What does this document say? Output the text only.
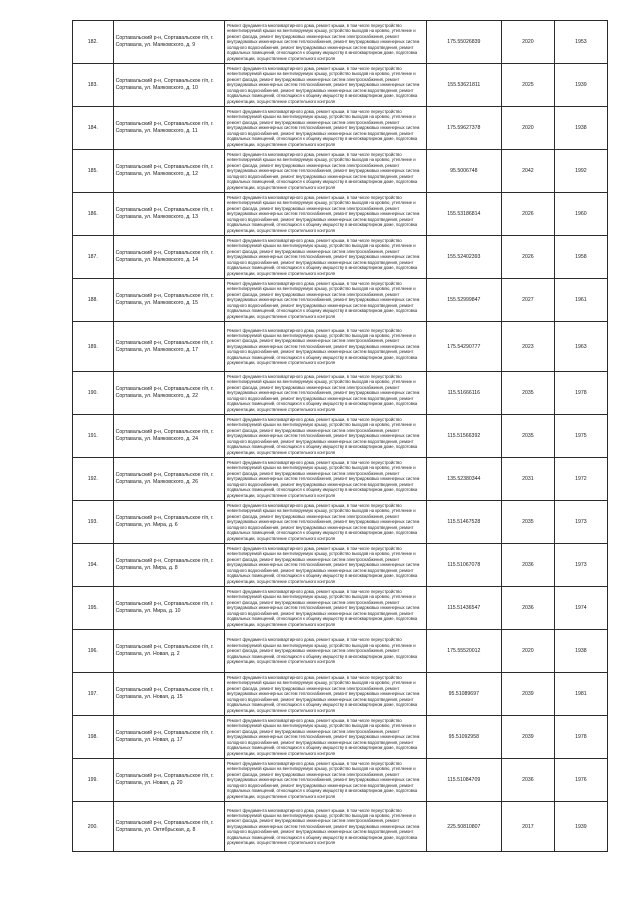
182.	Сортавальский р-н, Сортавальское г/п, г. Сортавала, ул. Маяковского, д. 9	Ремонт фундамента многоквартирного дома, ремонт крыши, в том числе переустройство невентилируемой крыши на вентилируемую крышу, устройство выходов на кровлю, утепление и ремонт фасада, ремонт внутридомовых инженерных систем электроснабжения, ремонт внутридомовых инженерных систем теплоснабжения, ремонт внутридомовых инженерных систем холодного водоснабжения, ремонт внутридомовых инженерных систем водоотведения, ремонт подвальных помещений, относящихся к общему имуществу в многоквартирном доме, подготовка документации, осуществление строительного контроля	175.55026839	2020	1953
183.	Сортавальский р-н, Сортавальское г/п, г. Сортавала, ул. Маяковского, д. 10	Ремонт фундамента многоквартирного дома, ремонт крыши, в том числе переустройство невентилируемой крыши на вентилируемую крышу, устройство выходов на кровлю, утепление и ремонт фасада, ремонт внутридомовых инженерных систем электроснабжения, ремонт внутридомовых инженерных систем теплоснабжения, ремонт внутридомовых инженерных систем холодного водоснабжения, ремонт внутридомовых инженерных систем водоотведения, ремонт подвальных помещений, относящихся к общему имуществу в многоквартирном доме, подготовка документации, осуществление строительного контроля	155.53621811	2025	1939
184.	Сортавальский р-н, Сортавальское г/п, г. Сортавала, ул. Маяковского, д. 11	Ремонт фундамента многоквартирного дома, ремонт крыши, в том числе переустройство невентилируемой крыши на вентилируемую крышу, устройство выходов на кровлю, утепление и ремонт фасада, ремонт внутридомовых инженерных систем электроснабжения, ремонт внутридомовых инженерных систем теплоснабжения, ремонт внутридомовых инженерных систем холодного водоснабжения, ремонт внутридомовых инженерных систем водоотведения, ремонт подвальных помещений, относящихся к общему имуществу в многоквартирном доме, подготовка документации, осуществление строительного контроля	175.59627378	2020	1938
185.	Сортавальский р-н, Сортавальское г/п, г. Сортавала, ул. Маяковского, д. 12	Ремонт фундамента многоквартирного дома, ремонт крыши, в том числе переустройство невентилируемой крыши на вентилируемую крышу, устройство выходов на кровлю, утепление и ремонт фасада, ремонт внутридомовых инженерных систем электроснабжения, ремонт внутридомовых инженерных систем теплоснабжения, ремонт внутридомовых инженерных систем холодного водоснабжения, ремонт внутридомовых инженерных систем водоотведения, ремонт подвальных помещений, относящихся к общему имуществу в многоквартирном доме, подготовка документации, осуществление строительного контроля	95.5006748	2042	1992
186.	Сортавальский р-н, Сортавальское г/п, г. Сортавала, ул. Маяковского, д. 13	Ремонт фундамента многоквартирного дома, ремонт крыши, в том числе переустройство невентилируемой крыши на вентилируемую крышу, устройство выходов на кровлю, утепление и ремонт фасада, ремонт внутридомовых инженерных систем электроснабжения, ремонт внутридомовых инженерных систем теплоснабжения, ремонт внутридомовых инженерных систем холодного водоснабжения, ремонт внутридомовых инженерных систем водоотведения, ремонт подвальных помещений, относящихся к общему имуществу в многоквартирном доме, подготовка документации, осуществление строительного контроля	155.53186814	2026	1960
187.	Сортавальский р-н, Сортавальское г/п, г. Сортавала, ул. Маяковского, д. 14	Ремонт фундамента многоквартирного дома, ремонт крыши, в том числе переустройство невентилируемой крыши на вентилируемую крышу, устройство выходов на кровлю, утепление и ремонт фасада, ремонт внутридомовых инженерных систем электроснабжения, ремонт внутридомовых инженерных систем теплоснабжения, ремонт внутридомовых инженерных систем холодного водоснабжения, ремонт внутридомовых инженерных систем водоотведения, ремонт подвальных помещений, относящихся к общему имуществу в многоквартирном доме, подготовка документации, осуществление строительного контроля	155.52402393	2026	1958
188.	Сортавальский р-н, Сортавальское г/п, г. Сортавала, ул. Маяковского, д. 15	Ремонт фундамента многоквартирного дома, ремонт крыши, в том числе переустройство невентилируемой крыши на вентилируемую крышу, устройство выходов на кровлю, утепление и ремонт фасада, ремонт внутридомовых инженерных систем электроснабжения, ремонт внутридомовых инженерных систем теплоснабжения, ремонт внутридомовых инженерных систем холодного водоснабжения, ремонт внутридомовых инженерных систем водоотведения, ремонт подвальных помещений, относящихся к общему имуществу в многоквартирном доме, подготовка документации, осуществление строительного контроля	155.52999847	2027	1961
189.	Сортавальский р-н, Сортавальское г/п, г. Сортавала, ул. Маяковского, д. 17	Ремонт фундамента многоквартирного дома, ремонт крыши, в том числе переустройство невентилируемой крыши на вентилируемую крышу, устройство выходов на кровлю, утепление и ремонт фасада, ремонт внутридомовых инженерных систем электроснабжения, ремонт внутридомовых инженерных систем теплоснабжения, ремонт внутридомовых инженерных систем холодного водоснабжения, ремонт внутридомовых инженерных систем водоотведения, ремонт подвальных помещений, относящихся к общему имуществу в многоквартирном доме, подготовка документации, осуществление строительного контроля	175.54290777	2023	1963
190.	Сортавальский р-н, Сортавальское г/п, г. Сортавала, ул. Маяковского, д. 22	Ремонт фундамента многоквартирного дома, ремонт крыши, в том числе переустройство невентилируемой крыши на вентилируемую крышу, устройство выходов на кровлю, утепление и ремонт фасада, ремонт внутридомовых инженерных систем электроснабжения, ремонт внутридомовых инженерных систем теплоснабжения, ремонт внутридомовых инженерных систем холодного водоснабжения, ремонт внутридомовых инженерных систем водоотведения, ремонт подвальных помещений, относящихся к общему имуществу в многоквартирном доме, подготовка документации, осуществление строительного контроля	115.51666116	2035	1978
191.	Сортавальский р-н, Сортавальское г/п, г. Сортавала, ул. Маяковского, д. 24	Ремонт фундамента многоквартирного дома, ремонт крыши, в том числе переустройство невентилируемой крыши на вентилируемую крышу, устройство выходов на кровлю, утепление и ремонт фасада, ремонт внутридомовых инженерных систем электроснабжения, ремонт внутридомовых инженерных систем теплоснабжения, ремонт внутридомовых инженерных систем холодного водоснабжения, ремонт внутридомовых инженерных систем водоотведения, ремонт подвальных помещений, относящихся к общему имуществу в многоквартирном доме, подготовка документации, осуществление строительного контроля	115.51566392	2035	1975
192.	Сортавальский р-н, Сортавальское г/п, г. Сортавала, ул. Маяковского, д. 26	Ремонт фундамента многоквартирного дома, ремонт крыши, в том числе переустройство невентилируемой крыши на вентилируемую крышу, устройство выходов на кровлю, утепление и ремонт фасада, ремонт внутридомовых инженерных систем электроснабжения, ремонт внутридомовых инженерных систем теплоснабжения, ремонт внутридомовых инженерных систем холодного водоснабжения, ремонт внутридомовых инженерных систем водоотведения, ремонт подвальных помещений, относящихся к общему имуществу в многоквартирном доме, подготовка документации, осуществление строительного контроля	135.52380344	2031	1972
193.	Сортавальский р-н, Сортавальское г/п, г. Сортавала, ул. Мира, д. 6	Ремонт фундамента многоквартирного дома, ремонт крыши, в том числе переустройство невентилируемой крыши на вентилируемую крышу, устройство выходов на кровлю, утепление и ремонт фасада, ремонт внутридомовых инженерных систем электроснабжения, ремонт внутридомовых инженерных систем теплоснабжения, ремонт внутридомовых инженерных систем холодного водоснабжения, ремонт внутридомовых инженерных систем водоотведения, ремонт подвальных помещений, относящихся к общему имуществу в многоквартирном доме, подготовка документации, осуществление строительного контроля	115.51467528	2035	1973
194.	Сортавальский р-н, Сортавальское г/п, г. Сортавала, ул. Мира, д. 8	Ремонт фундамента многоквартирного дома, ремонт крыши, в том числе переустройство невентилируемой крыши на вентилируемую крышу, устройство выходов на кровлю, утепление и ремонт фасада, ремонт внутридомовых инженерных систем электроснабжения, ремонт внутридомовых инженерных систем теплоснабжения, ремонт внутридомовых инженерных систем холодного водоснабжения, ремонт внутридомовых инженерных систем водоотведения, ремонт подвальных помещений, относящихся к общему имуществу в многоквартирном доме, подготовка документации, осуществление строительного контроля	115.51067078	2036	1973
195.	Сортавальский р-н, Сортавальское г/п, г. Сортавала, ул. Мира, д. 10	Ремонт фундамента многоквартирного дома, ремонт крыши, в том числе переустройство невентилируемой крыши на вентилируемую крышу, устройство выходов на кровлю, утепление и ремонт фасада, ремонт внутридомовых инженерных систем электроснабжения, ремонт внутридомовых инженерных систем теплоснабжения, ремонт внутридомовых инженерных систем холодного водоснабжения, ремонт внутридомовых инженерных систем водоотведения, ремонт подвальных помещений, относящихся к общему имуществу в многоквартирном доме, подготовка документации, осуществление строительного контроля	115.51436547	2036	1974
196.	Сортавальский р-н, Сортавальское г/п, г. Сортавала, ул. Новая, д. 2	Ремонт фундамента многоквартирного дома, ремонт крыши, в том числе переустройство невентилируемой крыши на вентилируемую крышу, устройство выходов на кровлю, утепление и ремонт фасада, ремонт внутридомовых инженерных систем электроснабжения, ремонт подвальных помещений, относящихся к общему имуществу в многоквартирном доме, подготовка документации, осуществление строительного контроля	175.55520012	2020	1938
197.	Сортавальский р-н, Сортавальское г/п, г. Сортавала, ул. Новая, д. 15	Ремонт фундамента многоквартирного дома, ремонт крыши, в том числе переустройство невентилируемой крыши на вентилируемую крышу, устройство выходов на кровлю, утепление и ремонт фасада, ремонт внутридомовых инженерных систем электроснабжения, ремонт внутридомовых инженерных систем теплоснабжения, ремонт внутридомовых инженерных систем холодного водоснабжения, ремонт внутридомовых инженерных систем водоотведения, ремонт подвальных помещений, относящихся к общему имуществу в многоквартирном доме, подготовка документации, осуществление строительного контроля	95.51089697	2039	1981
198.	Сортавальский р-н, Сортавальское г/п, г. Сортавала, ул. Новая, д. 17	Ремонт фундамента многоквартирного дома, ремонт крыши, в том числе переустройство невентилируемой крыши на вентилируемую крышу, устройство выходов на кровлю, утепление и ремонт фасада, ремонт внутридомовых инженерных систем электроснабжения, ремонт внутридомовых инженерных систем теплоснабжения, ремонт внутридомовых инженерных систем холодного водоснабжения, ремонт внутридомовых инженерных систем водоотведения, ремонт подвальных помещений, относящихся к общему имуществу в многоквартирном доме, подготовка документации, осуществление строительного контроля	95.51092958	2039	1978
199.	Сортавальский р-н, Сортавальское г/п, г. Сортавала, ул. Новая, д. 20	Ремонт фундамента многоквартирного дома, ремонт крыши, в том числе переустройство невентилируемой крыши на вентилируемую крышу, устройство выходов на кровлю, утепление и ремонт фасада, ремонт внутридомовых инженерных систем электроснабжения, ремонт внутридомовых инженерных систем теплоснабжения, ремонт внутридомовых инженерных систем холодного водоснабжения, ремонт внутридомовых инженерных систем водоотведения, ремонт подвальных помещений, относящихся к общему имуществу в многоквартирном доме, подготовка документации, осуществление строительного контроля	115.51084709	2036	1976
200.	Сортавальский р-н, Сортавальское г/п, г. Сортавала, ул. Октябрьская, д. 8	Ремонт фундамента многоквартирного дома, ремонт крыши, в том числе переустройство невентилируемой крыши на вентилируемую крышу, устройство выходов на кровлю, утепление и ремонт фасада, ремонт внутридомовых инженерных систем электроснабжения, ремонт внутридомовых инженерных систем теплоснабжения, ремонт внутридомовых инженерных систем холодного водоснабжения, ремонт внутридомовых инженерных систем водоотведения, ремонт подвальных помещений, относящихся к общему имуществу в многоквартирном доме, подготовка документации, осуществление строительного контроля	225.50810807	2017	1939
